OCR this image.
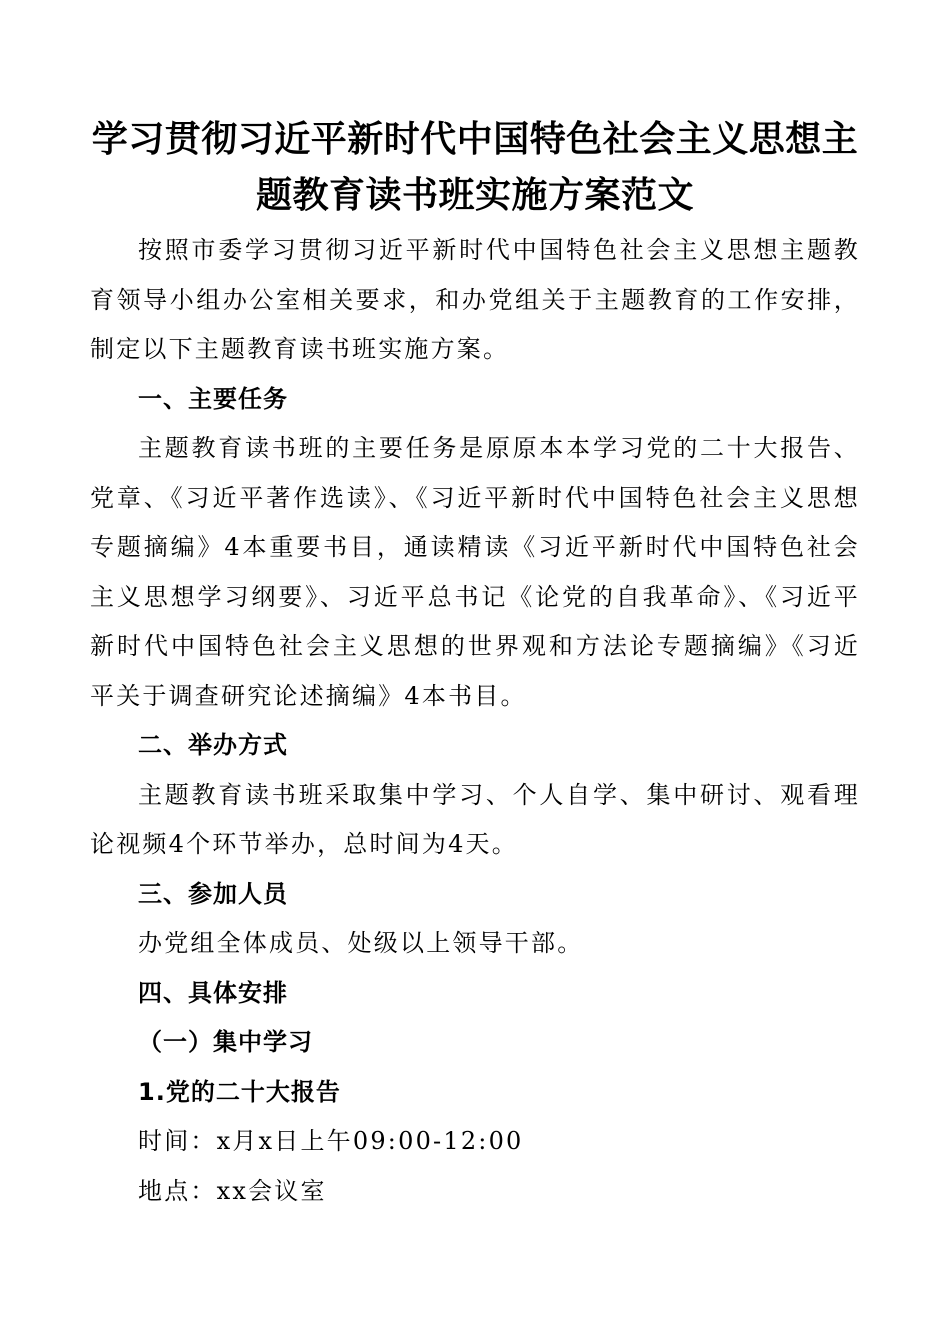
学习贯彻习近平新时代中国特色社会主义思想主题教育读书班实施方案范文

按照市委学习贯彻习近平新时代中国特色社会主义思想主题教育领导小组办公室相关要求，和办党组关于主题教育的工作安排，制定以下主题教育读书班实施方案。

一、主要任务

主题教育读书班的主要任务是原原本本学习党的二十大报告、党章、《习近平著作选读》、《习近平新时代中国特色社会主义思想专题摘编》4本重要书目，通读精读《习近平新时代中国特色社会主义思想学习纲要》、习近平总书记《论党的自我革命》、《习近平新时代中国特色社会主义思想的世界观和方法论专题摘编》《习近平关于调查研究论述摘编》4本书目。

二、举办方式

主题教育读书班采取集中学习、个人自学、集中研讨、观看理论视频4个环节举办，总时间为4天。

三、参加人员

办党组全体成员、处级以上领导干部。

四、具体安排

（一）集中学习

1.党的二十大报告

时间：x月x日上午09:00-12:00

地点：xx会议室
